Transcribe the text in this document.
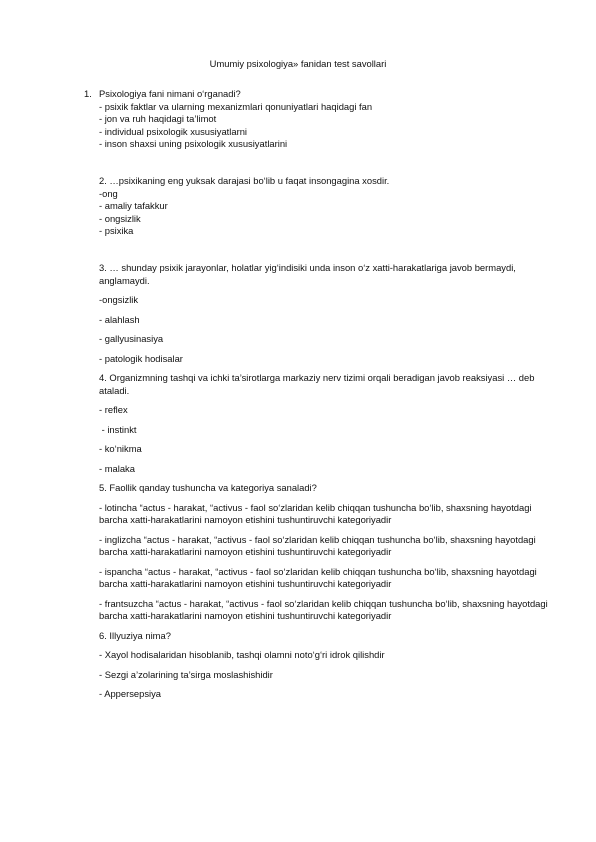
Umumiy psixologiya» fanidan test savollari
1. Psixologiya fani nimani o‘rganadi?
- psixik faktlar va ularning mexanizmlari qonuniyatlari haqidagi fan
- jon va ruh haqidagi ta’limot
- individual psixologik xususiyatlarni
- inson shaxsi uning psixologik xususiyatlarini
2. …psixikaning eng yuksak darajasi bo‘lib u faqat insongagina xosdir.
-ong
- amaliy tafakkur
- ongsizlik
- psixika
3. … shunday psixik jarayonlar, holatlar yig‘indisiki unda inson o‘z xatti-harakatlariga javob bermaydi, anglamaydi.
-ongsizlik
- alahlash
- gallyusinasiya
- patologik hodisalar
4. Organizmning tashqi va ichki ta’sirotlarga markaziy nerv tizimi orqali beradigan javob reaksiyasi … deb ataladi.
- reflex
- instinkt
- ko‘nikma
- malaka
5. Faollik qanday tushuncha va kategoriya sanaladi?
- lotincha “actus - harakat, “activus - faol so‘zlaridan kelib chiqqan tushuncha bo‘lib, shaxsning hayotdagi barcha xatti-harakatlarini namoyon etishini tushuntiruvchi kategoriyadir
- inglizcha “actus - harakat, “activus - faol so‘zlaridan kelib chiqqan tushuncha bo‘lib, shaxsning hayotdagi barcha xatti-harakatlarini namoyon etishini tushuntiruvchi kategoriyadir
- ispancha “actus - harakat, “activus - faol so‘zlaridan kelib chiqqan tushuncha bo‘lib, shaxsning hayotdagi barcha xatti-harakatlarini namoyon etishini tushuntiruvchi kategoriyadir
- frantsuzcha “actus - harakat, “activus - faol so‘zlaridan kelib chiqqan tushuncha bo‘lib, shaxsning hayotdagi barcha xatti-harakatlarini namoyon etishini tushuntiruvchi kategoriyadir
6. Illyuziya nima?
- Xayol hodisalaridan hisoblanib, tashqi olamni noto‘g‘ri idrok qilishdir
- Sezgi a’zolarining ta’sirga moslashishidir
- Appersepsiya
